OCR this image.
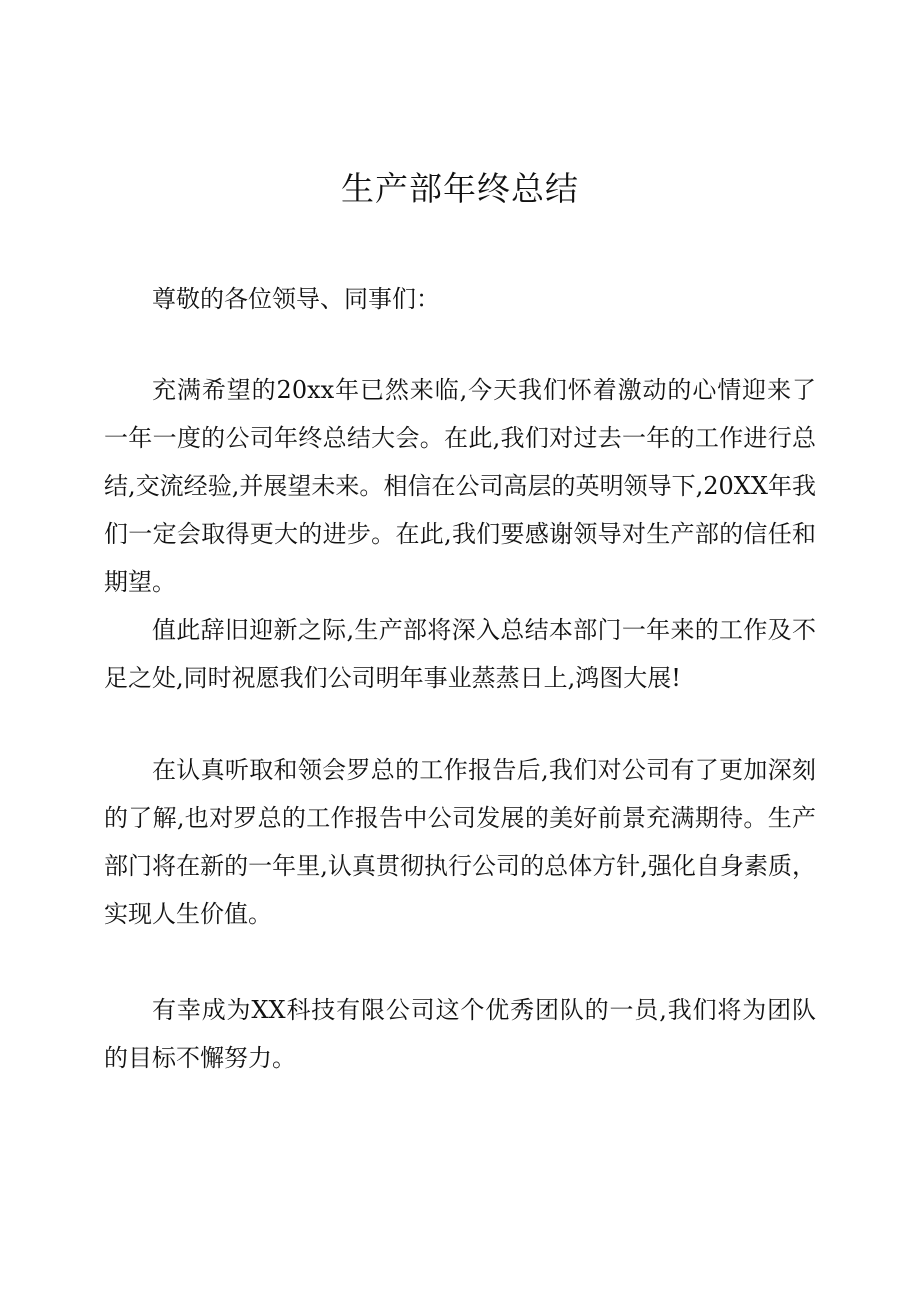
生产部年终总结

尊敬的各位领导、同事们：

充满希望的20xx年已然来临,今天我们怀着激动的心情迎来了一年一度的公司年终总结大会。在此,我们对过去一年的工作进行总结,交流经验,并展望未来。相信在公司高层的英明领导下,20XX年我们一定会取得更大的进步。在此,我们要感谢领导对生产部的信任和期望。

值此辞旧迎新之际,生产部将深入总结本部门一年来的工作及不足之处,同时祝愿我们公司明年事业蒸蒸日上,鸿图大展!

在认真听取和领会罗总的工作报告后,我们对公司有了更加深刻的了解,也对罗总的工作报告中公司发展的美好前景充满期待。生产部门将在新的一年里,认真贯彻执行公司的总体方针,强化自身素质，实现人生价值。

有幸成为XX科技有限公司这个优秀团队的一员,我们将为团队的目标不懈努力。
